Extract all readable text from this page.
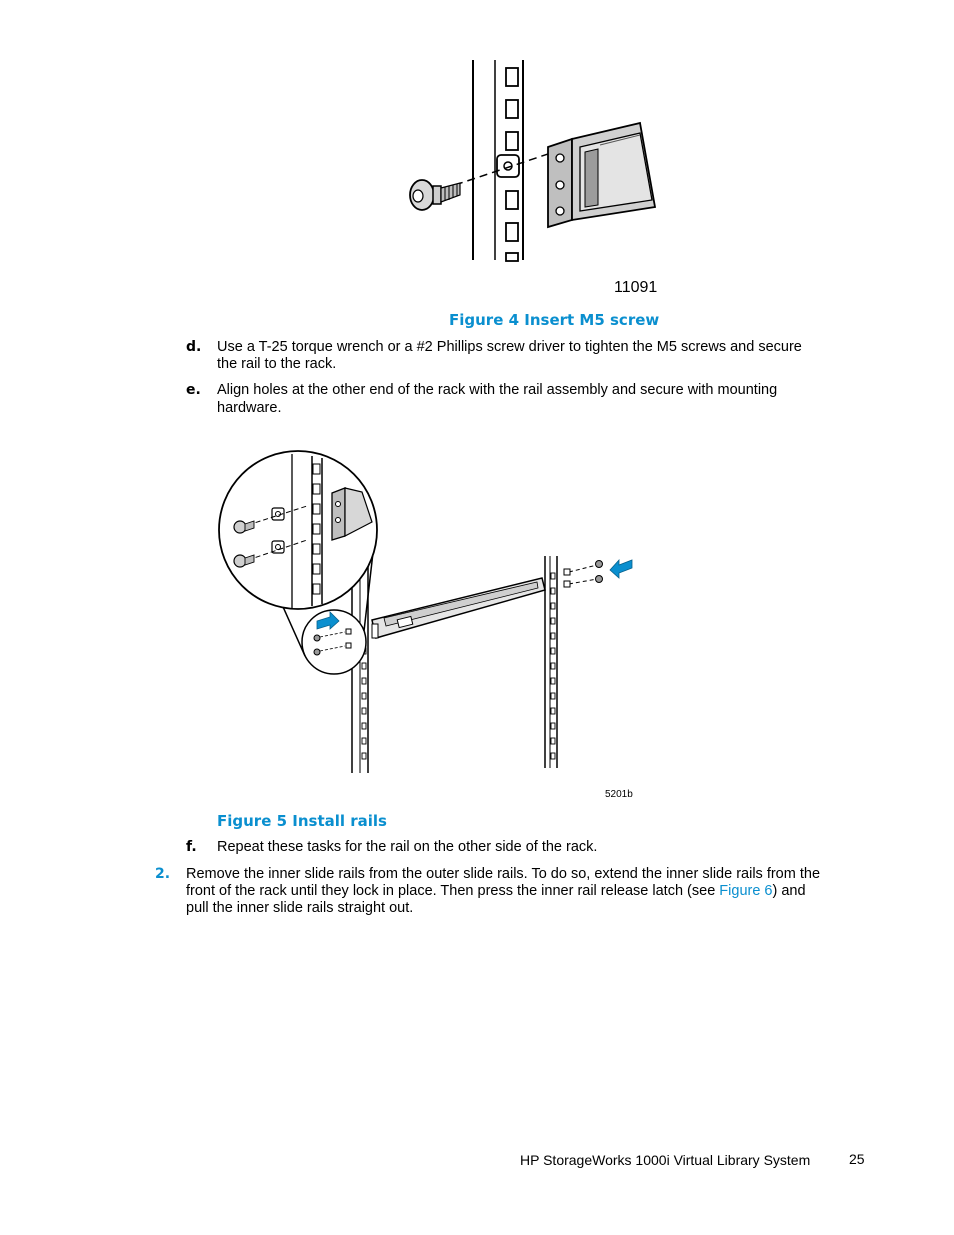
11091
Figure 4 Insert M5 screw
d. Use a T-25 torque wrench or a #2 Phillips screw driver to tighten the M5 screws and secure
the rail to the rack.
e. Align holes at the other end of the rack with the rail assembly and secure with mounting
hardware.
5201b
Figure 5 Install rails
f. Repeat these tasks for the rail on the other side of the rack.
2. Remove the inner slide rails from the outer slide rails. To do so, extend the inner slide rails from the
front of the rack until they lock in place. Then press the inner rail release latch (see Figure 6) and
pull the inner slide rails straight out.
HP StorageWorks 1000i Virtual Library System	25
